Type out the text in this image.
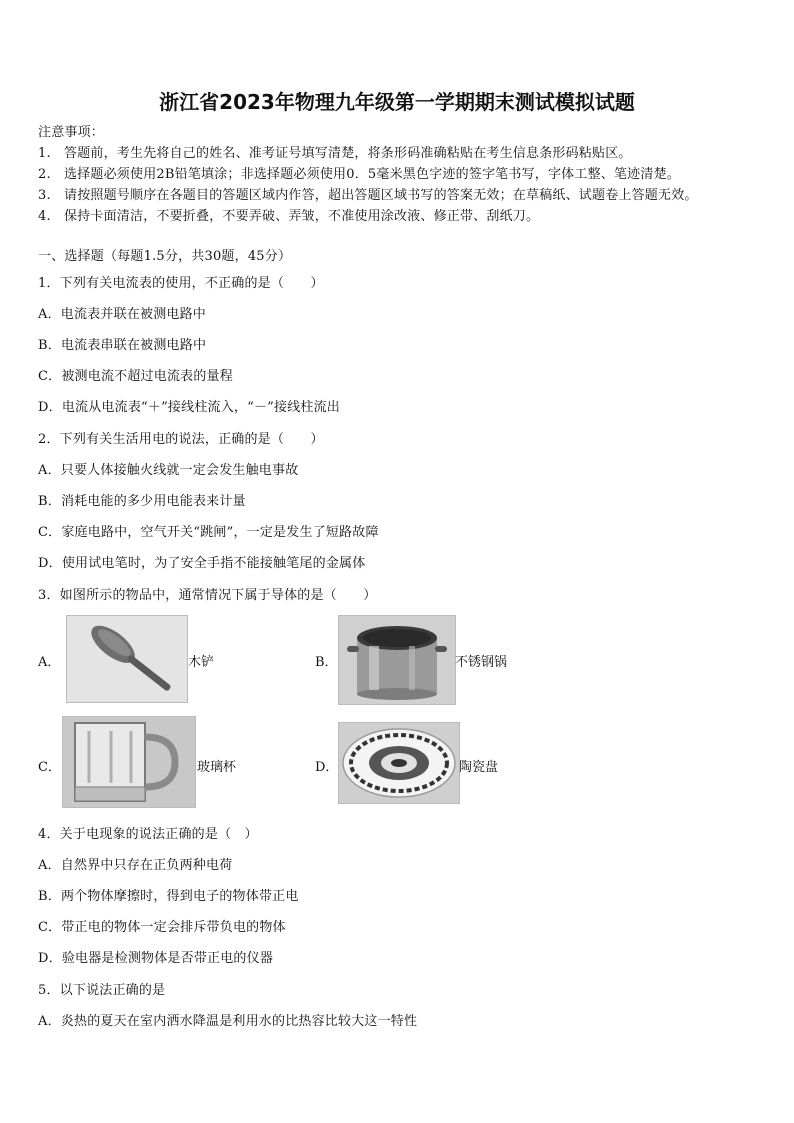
浙江省2023年物理九年级第一学期期末测试模拟试题
注意事项：
1.　答题前，考生先将自己的姓名、准考证号填写清楚，将条形码准确粘贴在考生信息条形码粘贴区。
2.　选择题必须使用2B铅笔填涂；非选择题必须使用0．5毫米黑色字迹的签字笔书写，字体工整、笔迹清楚。
3.　请按照题号顺序在各题目的答题区域内作答，超出答题区域书写的答案无效；在草稿纸、试题卷上答题无效。
4.　保持卡面清洁，不要折叠，不要弄破、弄皱，不准使用涂改液、修正带、刮纸刀。
一、选择题（每题1.5分，共30题，45分）
1．下列有关电流表的使用，不正确的是（　　）
A．电流表并联在被测电路中
B．电流表串联在被测电路中
C．被测电流不超过电流表的量程
D．电流从电流表“＋”接线柱流入，“－”接线柱流出
2．下列有关生活用电的说法，正确的是（　　）
A．只要人体接触火线就一定会发生触电事故
B．消耗电能的多少用电能表来计量
C．家庭电路中，空气开关“跳闸”，一定是发生了短路故障
D．使用试电笔时，为了安全手指不能接触笔尾的金属体
3．如图所示的物品中，通常情况下属于导体的是（　　）
A．	木铲	B．	不锈钢锅
C．	玻璃杯	D．	陶瓷盘
4．关于电现象的说法正确的是（　）
A．自然界中只存在正负两种电荷
B．两个物体摩擦时，得到电子的物体带正电
C．带正电的物体一定会排斥带负电的物体
D．验电器是检测物体是否带正电的仪器
5．以下说法正确的是
A．炎热的夏天在室内洒水降温是利用水的比热容比较大这一特性
